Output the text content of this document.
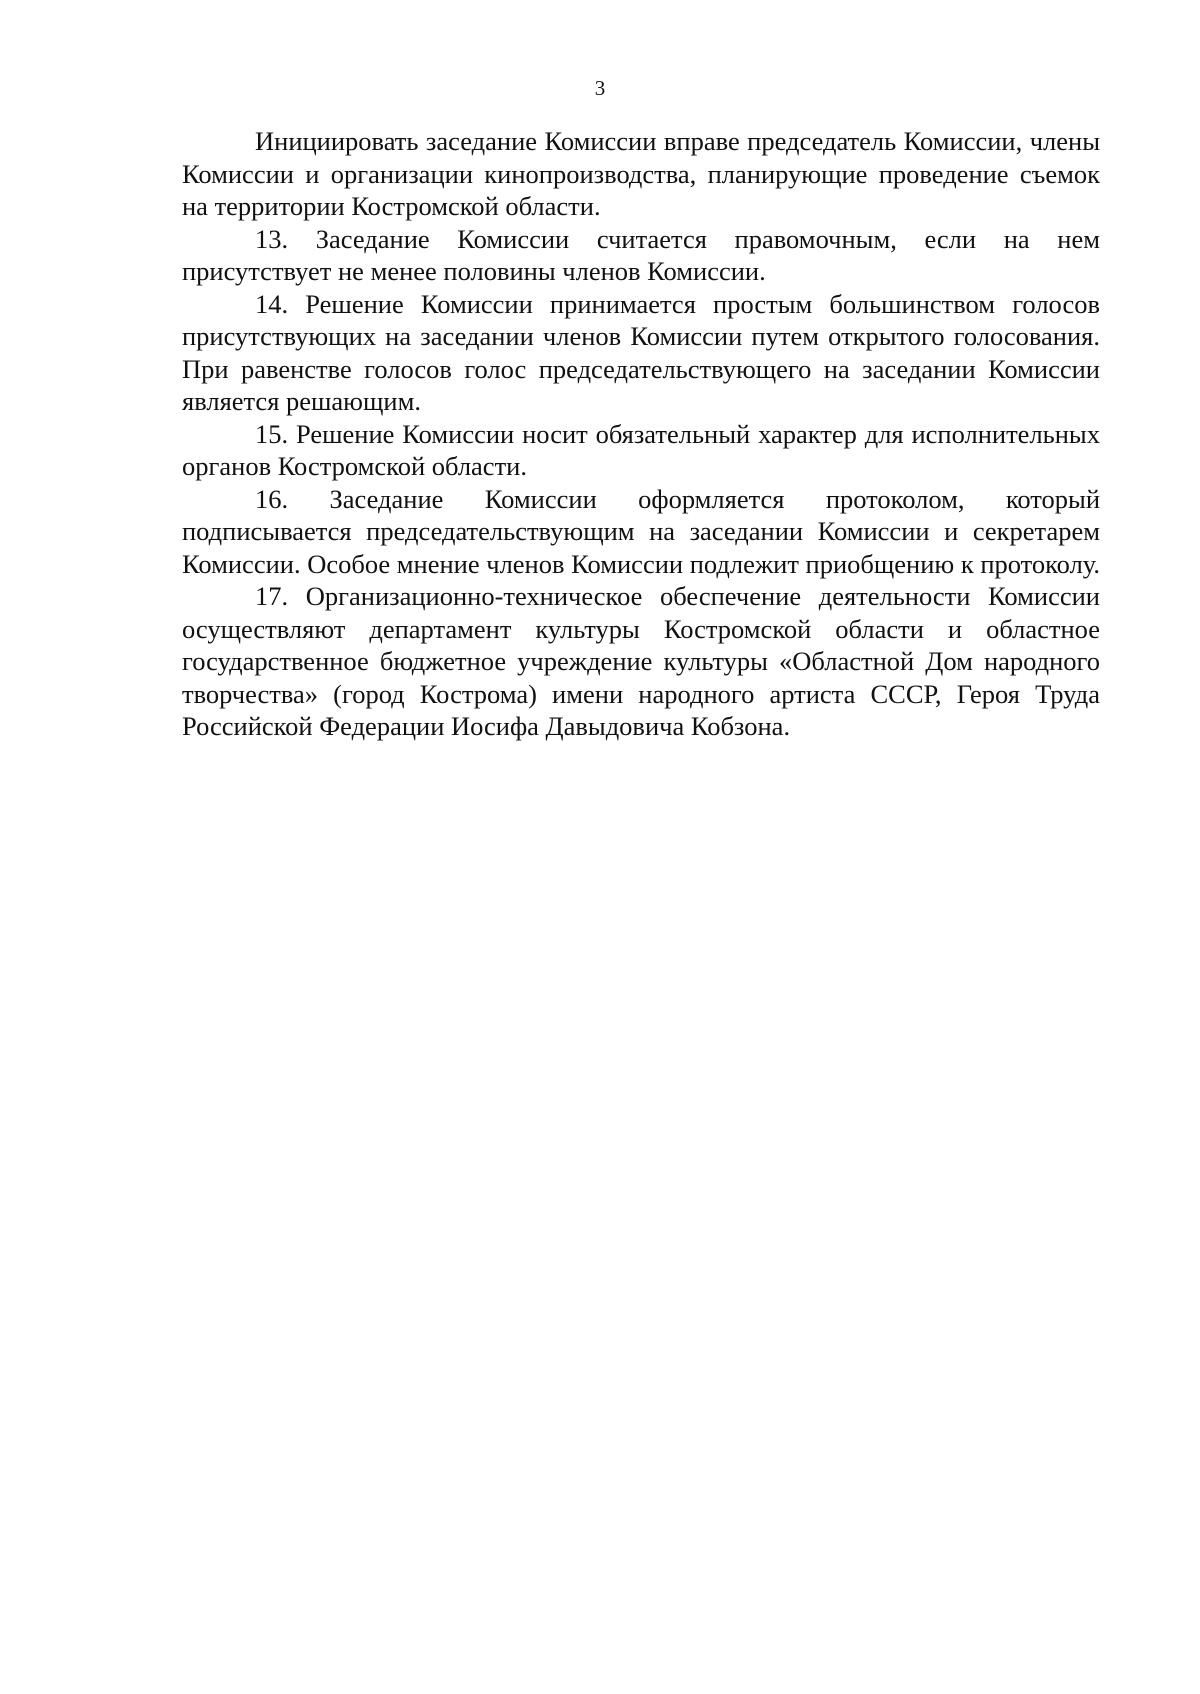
3

Инициировать заседание Комиссии вправе председатель Комиссии, члены Комиссии и организации кинопроизводства, планирующие проведение съемок на территории Костромской области.

13. Заседание Комиссии считается правомочным, если на нем присутствует не менее половины членов Комиссии.

14. Решение Комиссии принимается простым большинством голосов присутствующих на заседании членов Комиссии путем открытого голосования. При равенстве голосов голос председательствующего на заседании Комиссии является решающим.

15. Решение Комиссии носит обязательный характер для исполнительных органов Костромской области.

16. Заседание Комиссии оформляется протоколом, который подписывается председательствующим на заседании Комиссии и секретарем Комиссии. Особое мнение членов Комиссии подлежит приобщению к протоколу.

17. Организационно-техническое обеспечение деятельности Комиссии осуществляют департамент культуры Костромской области и областное государственное бюджетное учреждение культуры «Областной Дом народного творчества» (город Кострома) имени народного артиста СССР, Героя Труда Российской Федерации Иосифа Давыдовича Кобзона.
